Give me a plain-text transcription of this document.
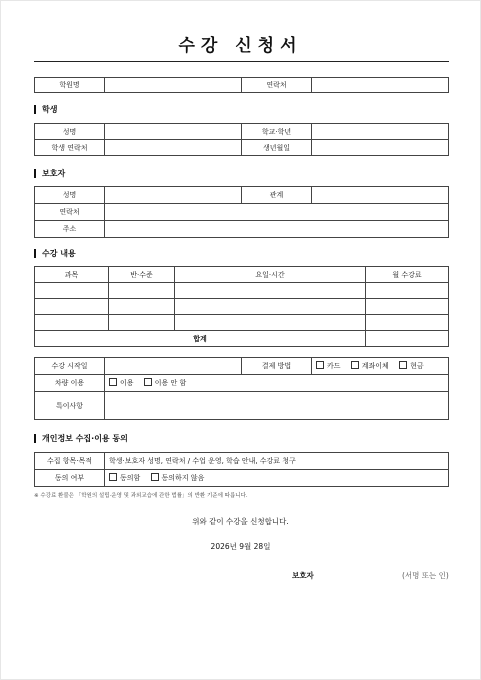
수강 신청서
학원명		연락처	
학생
성명		학교·학년	
학생 연락처		생년월일	
보호자
성명		관계	
연락처			
주소			
수강 내용
과목	반·수준	요일·시간	월 수강료

합계			
수강 시작일		결제 방법	카드 계좌이체 현금
차량 이용	이용 이용 안 함		
특이사항			
개인정보 수집·이용 동의
수집 항목·목적	학생·보호자 성명, 연락처 / 수업 운영, 학습 안내, 수강료 청구
동의 여부	동의함 동의하지 않음
※ 수강료 환불은 「학원의 설립·운영 및 과외교습에 관한 법률」의 반환 기준에 따릅니다.
위와 같이 수강을 신청합니다.
2026년 9월 28일
보호자	(서명 또는 인)
